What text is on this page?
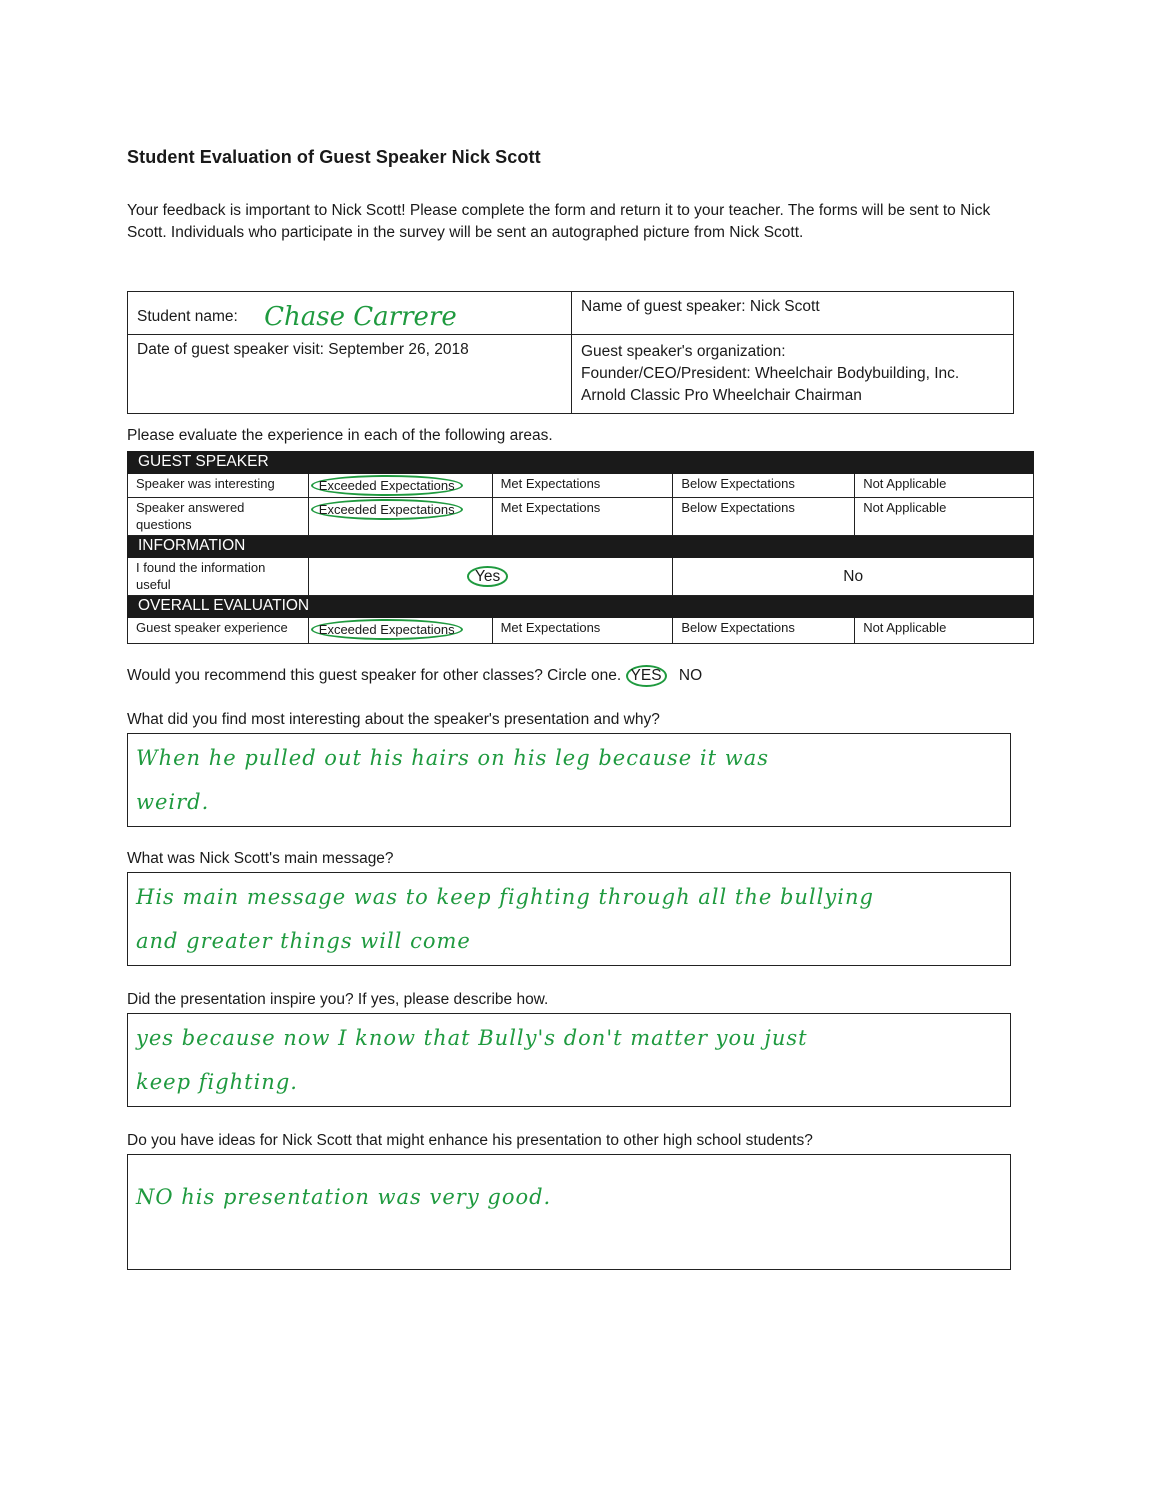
Student Evaluation of Guest Speaker Nick Scott

Your feedback is important to Nick Scott! Please complete the form and return it to your teacher. The forms will be sent to Nick Scott. Individuals who participate in the survey will be sent an autographed picture from Nick Scott.

Student name: Chase Carrere	Name of guest speaker: Nick Scott
Date of guest speaker visit: September 26, 2018	Guest speaker's organization:
Founder/CEO/President: Wheelchair Bodybuilding, Inc.
Arnold Classic Pro Wheelchair Chairman
Please evaluate the experience in each of the following areas.
GUEST SPEAKER				
Speaker was interesting	Exceeded Expectations	Met Expectations	Below Expectations	Not Applicable
Speaker answered questions	Exceeded Expectations	Met Expectations	Below Expectations	Not Applicable
INFORMATION				
I found the information useful	Yes		No	
OVERALL EVALUATION				
Guest speaker experience	Exceeded Expectations	Met Expectations	Below Expectations	Not Applicable
Would you recommend this guest speaker for other classes? Circle one. YES NO
What did you find most interesting about the speaker's presentation and why?
When he pulled out his hairs on his leg because it was
weird.
What was Nick Scott's main message?
His main message was to keep fighting through all the bullying
and greater things will come
Did the presentation inspire you? If yes, please describe how.
yes because now I know that Bully's don't matter you just
keep fighting.
Do you have ideas for Nick Scott that might enhance his presentation to other high school students?
NO his presentation was very good.
